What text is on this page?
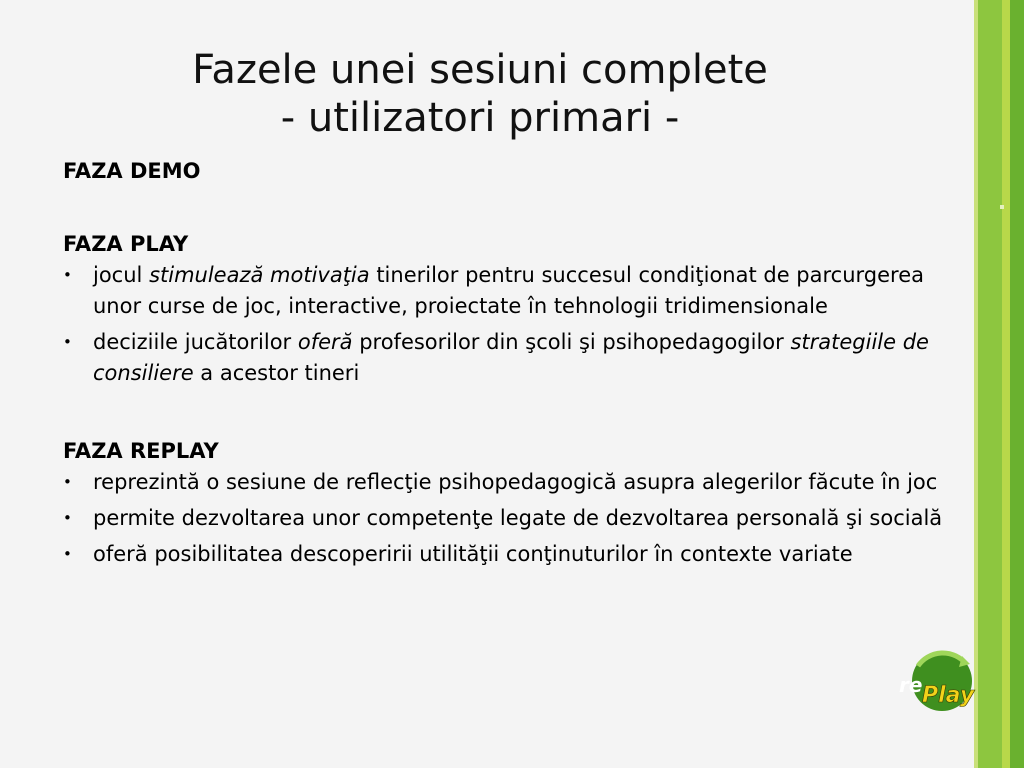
Fazele unei sesiuni complete
- utilizatori primari -

FAZA DEMO

FAZA PLAY

• jocul stimulează motivaţia tinerilor pentru succesul condiţionat de parcurgerea unor curse de joc, interactive, proiectate în tehnologii tridimensionale
• deciziile jucătorilor oferă profesorilor din şcoli şi psihopedagogilor strategiile de consiliere a acestor tineri

FAZA REPLAY

• reprezintă o sesiune de reflecţie psihopedagogică asupra alegerilor făcute în joc
• permite dezvoltarea unor competenţe legate de dezvoltarea personală şi socială
• oferă posibilitatea descoperirii utilităţii conţinuturilor în contexte variate
re Play
